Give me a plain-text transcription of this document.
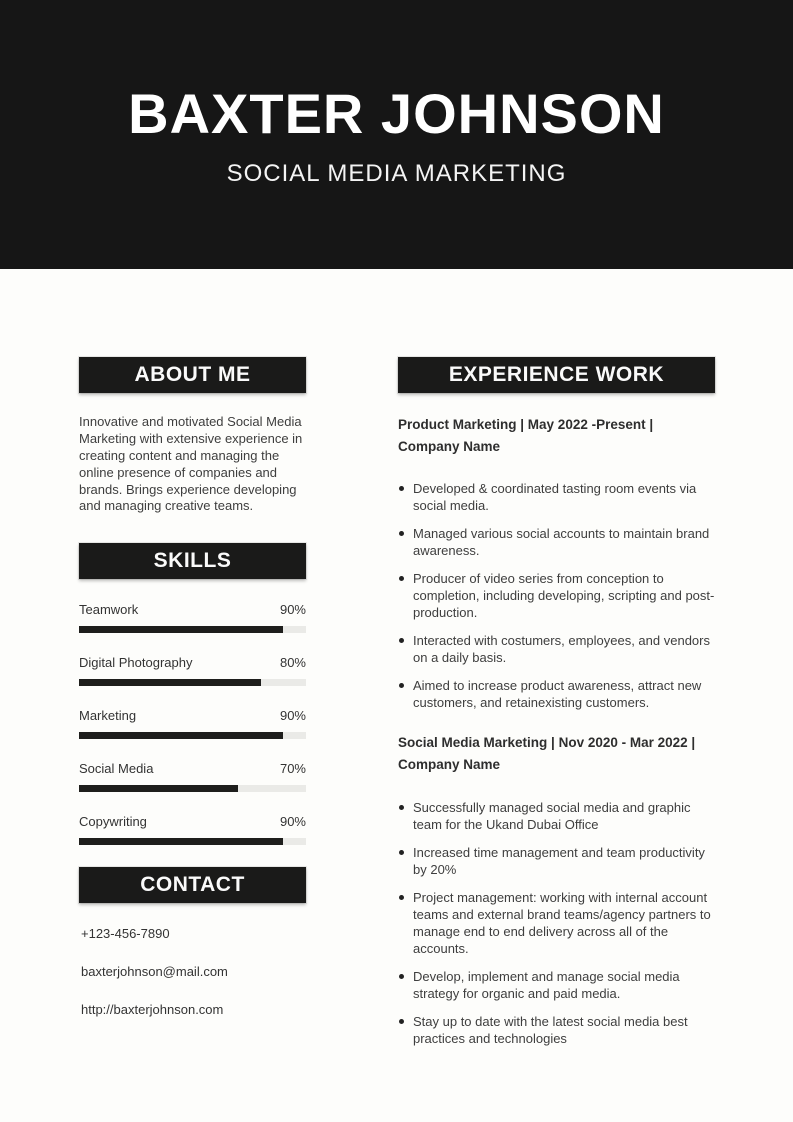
BAXTER JOHNSON
SOCIAL MEDIA MARKETING
ABOUT ME

Innovative and motivated Social Media Marketing with extensive experience in creating content and managing the online presence of companies and brands. Brings experience developing and managing creative teams.

SKILLS
Teamwork	90%
Digital Photography	80%
Marketing	90%
Social Media	70%
Copywriting	90%
CONTACT
+123-456-7890
baxterjohnson@mail.com
http://baxterjohnson.com
EXPERIENCE WORK
Product Marketing | May 2022 -Present | Company Name
Developed & coordinated tasting room events via social media.
Managed various social accounts to maintain brand awareness.
Producer of video series from conception to completion, including developing, scripting and post-production.
Interacted with costumers, employees, and vendors on a daily basis.
Aimed to increase product awareness, attract new customers, and retainexisting customers.
Social Media Marketing | Nov 2020 - Mar 2022 | Company Name
Successfully managed social media and graphic team for the Ukand Dubai Office
Increased time management and team productivity by 20%
Project management: working with internal account teams and external brand teams/agency partners to manage end to end delivery across all of the accounts.
Develop, implement and manage social media strategy for organic and paid media.
Stay up to date with the latest social media best practices and technologies
